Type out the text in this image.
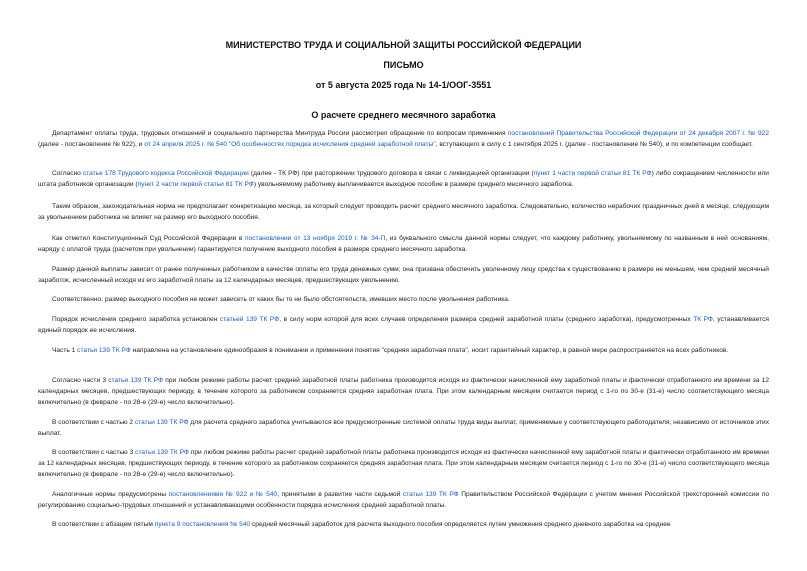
МИНИСТЕРСТВО ТРУДА И СОЦИАЛЬНОЙ ЗАЩИТЫ РОССИЙСКОЙ ФЕДЕРАЦИИ
ПИСЬМО
от 5 августа 2025 года № 14-1/ООГ-3551
О расчете среднего месячного заработка

Департамент оплаты труда, трудовых отношений и социального партнерства Минтруда России рассмотрел обращение по вопросам применения постановлений Правительства Российской Федерации от 24 декабря 2007 г. № 922 (далее - постановление № 922), и от 24 апреля 2025 г. № 540 "Об особенностях порядка исчисления средней заработной платы", вступающего в силу с 1 сентября 2025 г. (далее - постановление № 540), и по компетенции сообщает.

Согласно статье 178 Трудового кодекса Российской Федерации (далее - ТК РФ) при расторжении трудового договора в связи с ликвидацией организации (пункт 1 части первой статьи 81 ТК РФ) либо сокращением численности или штата работников организации (пункт 2 части первой статьи 81 ТК РФ) увольняемому работнику выплачивается выходное пособие в размере среднего месячного заработка.

Таким образом, законодательная норма не предполагает конкретизацию месяца, за который следует проводить расчет среднего месячного заработка. Следовательно, количество нерабочих праздничных дней в месяце, следующим за увольнением работника не влияет на размер его выходного пособия.

Как отметил Конституционный Суд Российской Федерации в постановлении от 13 ноября 2019 г. № 34-П, из буквального смысла данной нормы следует, что каждому работнику, увольняемому по названным в ней основаниям, наряду с оплатой труда (расчетом при увольнении) гарантируется получение выходного пособия в размере среднего месячного заработка.

Размер данной выплаты зависит от ранее полученных работником в качестве оплаты его труда денежных сумм; она призвана обеспечить уволенному лицу средства к существованию в размере не меньшем, чем средний месячный заработок, исчисленный исходя из его заработной платы за 12 календарных месяцев, предшествующих увольнению.

Соответственно, размер выходного пособия не может зависеть от каких бы то ни было обстоятельств, имевших место после увольнения работника.

Порядок исчисления среднего заработка установлен статьей 139 ТК РФ, в силу норм которой для всех случаев определения размера средней заработной платы (среднего заработка), предусмотренных ТК РФ, устанавливается единый порядок ее исчисления.

Часть 1 статьи 139 ТК РФ направлена на установление единообразия в понимании и применении понятия "средняя заработная плата", носит гарантийный характер, в равной мере распространяется на всех работников.

Согласно части 3 статьи 139 ТК РФ при любом режиме работы расчет средней заработной платы работника производится исходя из фактически начисленной ему заработной платы и фактически отработанного им времени за 12 календарных месяцев, предшествующих периоду, в течение которого за работником сохраняется средняя заработная плата. При этом календарным месяцем считается период с 1-го по 30-е (31-е) число соответствующего месяца включительно (в феврале - по 28-е (29-е) число включительно).

В соответствии с частью 2 статьи 139 ТК РФ для расчета среднего заработка учитываются все предусмотренные системой оплаты труда виды выплат, применяемые у соответствующего работодателя, независимо от источников этих выплат.

В соответствии с частью 3 статьи 139 ТК РФ при любом режиме работы расчет средней заработной платы работника производится исходя из фактически начисленной ему заработной платы и фактически отработанного им времени за 12 календарных месяцев, предшествующих периоду, в течение которого за работником сохраняется средняя заработная плата. При этом календарным месяцем считается период с 1-го по 30-е (31-е) число соответствующего месяца включительно (в феврале - по 28-е (29-е) число включительно).

Аналогичные нормы предусмотрены постановлениями № 922 и № 540, принятыми в развитие части седьмой статьи 139 ТК РФ Правительством Российской Федерации с учетом мнения Российской трехсторонней комиссии по регулированию социально-трудовых отношений и устанавливающими особенности порядка исчисления средней заработной платы.

В соответствии с абзацем пятым пункта 9 постановления № 540 средний месячный заработок для расчета выходного пособия определяется путем умножения среднего дневного заработка на среднее
